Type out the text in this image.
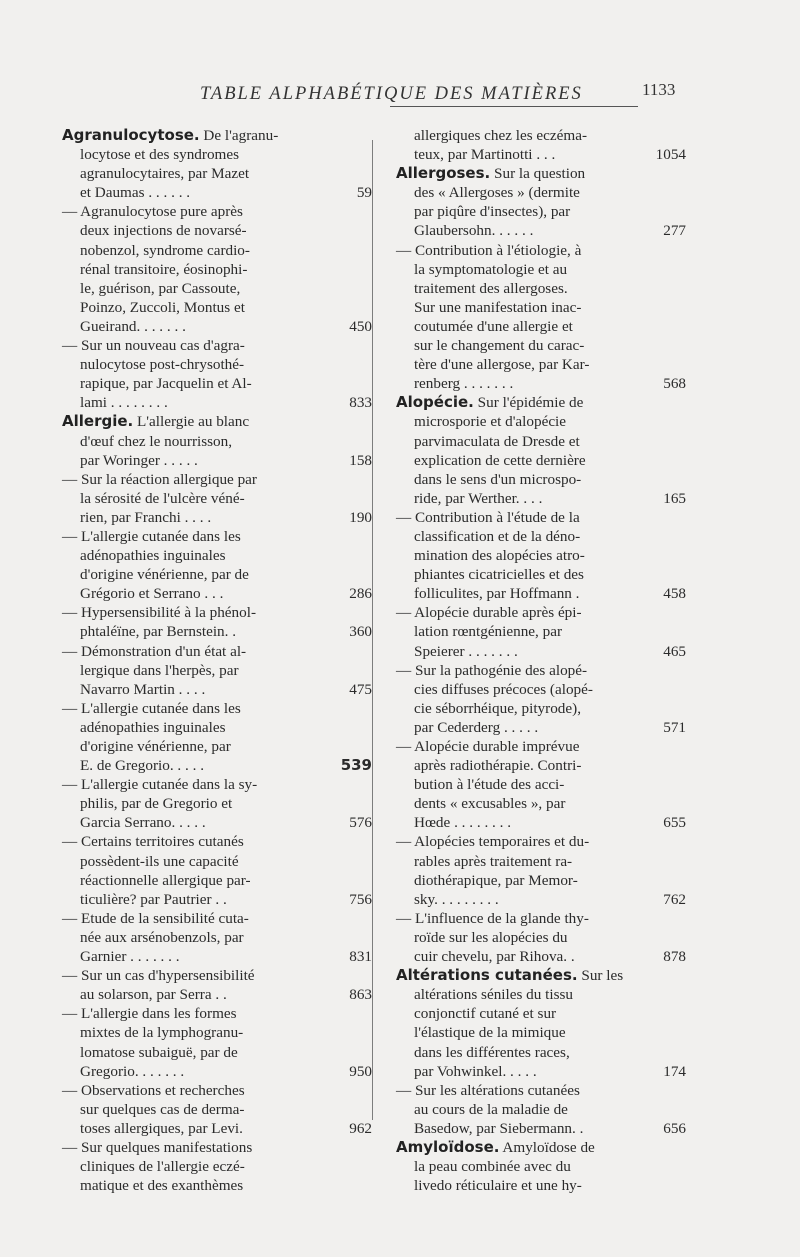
TABLE ALPHABÉTIQUE DES MATIÈRES	1133
Agranulocytose. De l'agranu-
locytose et des syndromes
agranulocytaires, par Mazet
et Daumas . . . . . .	59
— Agranulocytose pure après
deux injections de novarsé-
nobenzol, syndrome cardio-
rénal transitoire, éosinophi-
le, guérison, par Cassoute,
Poinzo, Zuccoli, Montus et
Gueirand. . . . . . .	450
— Sur un nouveau cas d'agra-
nulocytose post-chrysothé-
rapique, par Jacquelin et Al-
lami . . . . . . . .	833
Allergie. L'allergie au blanc
d'œuf chez le nourrisson,
par Woringer . . . . .	158
— Sur la réaction allergique par
la sérosité de l'ulcère véné-
rien, par Franchi . . . .	190
— L'allergie cutanée dans les
adénopathies inguinales
d'origine vénérienne, par de
Grégorio et Serrano . . .	286
— Hypersensibilité à la phénol-
phtaléïne, par Bernstein. .	360
— Démonstration d'un état al-
lergique dans l'herpès, par
Navarro Martin . . . .	475
— L'allergie cutanée dans les
adénopathies inguinales
d'origine vénérienne, par
E. de Gregorio. . . . .	539
— L'allergie cutanée dans la sy-
philis, par de Gregorio et
Garcia Serrano. . . . .	576
— Certains territoires cutanés
possèdent-ils une capacité
réactionnelle allergique par-
ticulière? par Pautrier . .	756
— Etude de la sensibilité cuta-
née aux arsénobenzols, par
Garnier . . . . . . .	831
— Sur un cas d'hypersensibilité
au solarson, par Serra . .	863
— L'allergie dans les formes
mixtes de la lymphogranu-
lomatose subaiguë, par de
Gregorio. . . . . . .	950
— Observations et recherches
sur quelques cas de derma-
toses allergiques, par Levi.	962
— Sur quelques manifestations
cliniques de l'allergie eczé-
matique et des exanthèmes
allergiques chez les eczéma-
teux, par Martinotti . . .	1054
Allergoses. Sur la question
des « Allergoses » (dermite
par piqûre d'insectes), par
Glaubersohn. . . . . .	277
— Contribution à l'étiologie, à
la symptomatologie et au
traitement des allergoses.
Sur une manifestation inac-
coutumée d'une allergie et
sur le changement du carac-
tère d'une allergose, par Kar-
renberg . . . . . . .	568
Alopécie. Sur l'épidémie de
microsporie et d'alopécie
parvimaculata de Dresde et
explication de cette dernière
dans le sens d'un microspo-
ride, par Werther. . . .	165
— Contribution à l'étude de la
classification et de la déno-
mination des alopécies atro-
phiantes cicatricielles et des
folliculites, par Hoffmann .	458
— Alopécie durable après épi-
lation rœntgénienne, par
Speierer . . . . . . .	465
— Sur la pathogénie des alopé-
cies diffuses précoces (alopé-
cie séborrhéique, pityrode),
par Cederderg . . . . .	571
— Alopécie durable imprévue
après radiothérapie. Contri-
bution à l'étude des acci-
dents « excusables », par
Hœde . . . . . . . .	655
— Alopécies temporaires et du-
rables après traitement ra-
diothérapique, par Memor-
sky. . . . . . . . .	762
— L'influence de la glande thy-
roïde sur les alopécies du
cuir chevelu, par Rihova. .	878
Altérations cutanées. Sur les
altérations séniles du tissu
conjonctif cutané et sur
l'élastique de la mimique
dans les différentes races,
par Vohwinkel. . . . .	174
— Sur les altérations cutanées
au cours de la maladie de
Basedow, par Siebermann. .	656
Amyloïdose. Amyloïdose de
la peau combinée avec du
livedo réticulaire et une hy-
